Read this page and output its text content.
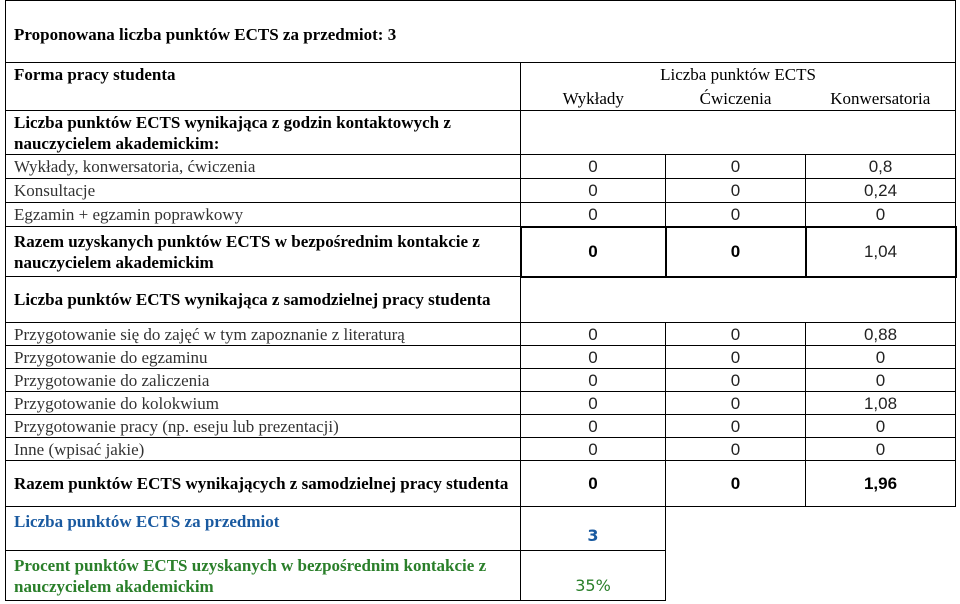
Proponowana liczba punktów ECTS za przedmiot: 3			
Forma pracy studenta	Liczba punktów ECTS		
	Wykłady	Ćwiczenia	Konwersatoria
Liczba punktów ECTS wynikająca z godzin kontaktowych z nauczycielem akademickim:			
Wykłady, konwersatoria, ćwiczenia	0	0	0,8
Konsultacje	0	0	0,24
Egzamin + egzamin poprawkowy	0	0	0
Razem uzyskanych punktów ECTS w bezpośrednim kontakcie z nauczycielem akademickim	0	0	1,04
Liczba punktów ECTS wynikająca z samodzielnej pracy studenta			
Przygotowanie się do zajęć w tym zapoznanie z literaturą	0	0	0,88
Przygotowanie do egzaminu	0	0	0
Przygotowanie do zaliczenia	0	0	0
Przygotowanie do kolokwium	0	0	1,08
Przygotowanie pracy (np. eseju lub prezentacji)	0	0	0
Inne (wpisać jakie)	0	0	0
Razem punktów ECTS wynikających z samodzielnej pracy studenta	0	0	1,96
Liczba punktów ECTS za przedmiot	3		
Procent punktów ECTS uzyskanych w bezpośrednim kontakcie z nauczycielem akademickim	35%		
